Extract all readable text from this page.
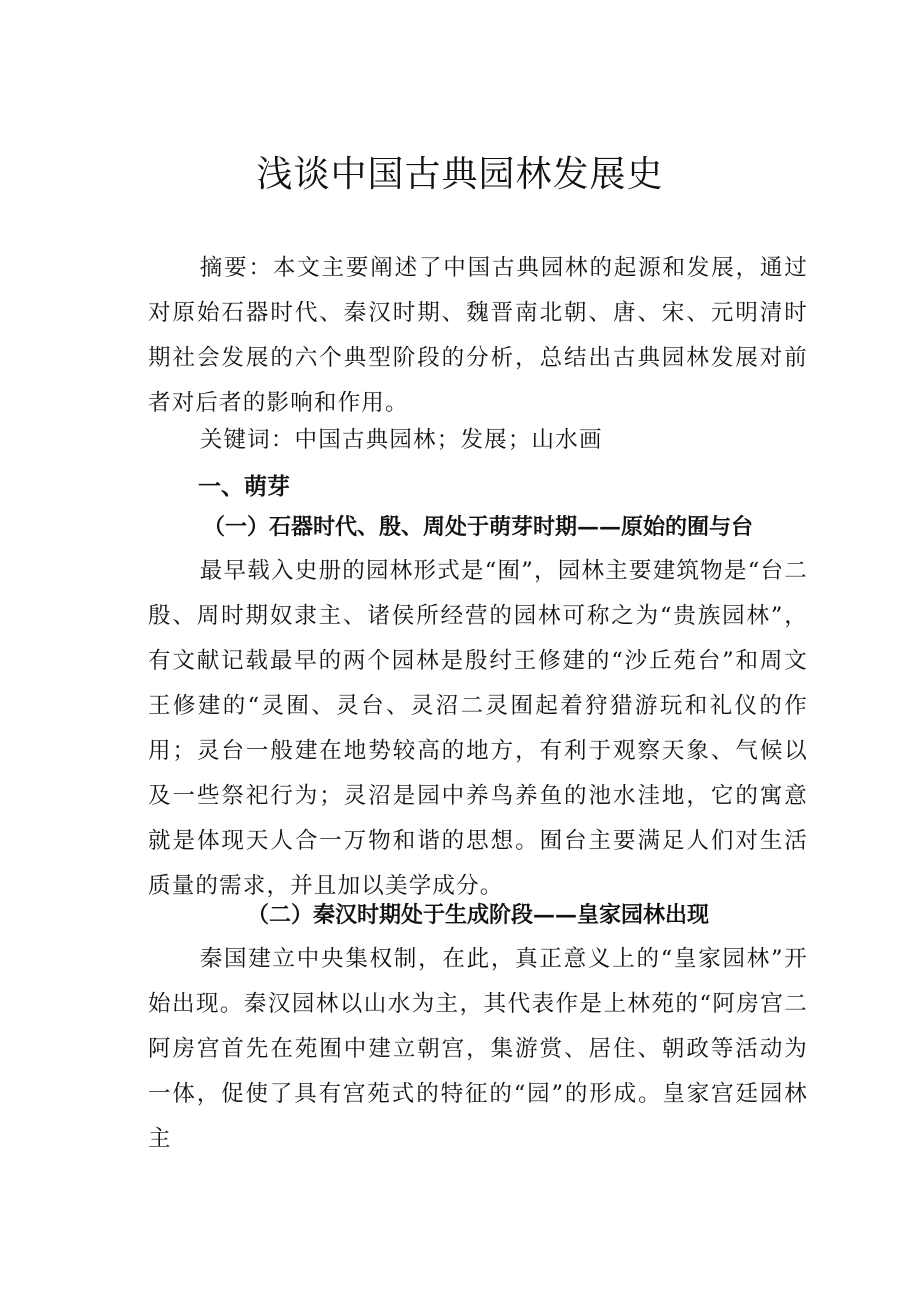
浅谈中国古典园林发展史

摘要：本文主要阐述了中国古典园林的起源和发展，通过对原始石器时代、秦汉时期、魏晋南北朝、唐、宋、元明清时期社会发展的六个典型阶段的分析，总结出古典园林发展对前者对后者的影响和作用。

关键词：中国古典园林；发展；山水画

一、萌芽
（一）石器时代、殷、周处于萌芽时期——原始的囿与台

最早载入史册的园林形式是“囿”，园林主要建筑物是“台二殷、周时期奴隶主、诸侯所经营的园林可称之为“贵族园林”，有文献记载最早的两个园林是殷纣王修建的“沙丘苑台”和周文王修建的“灵囿、灵台、灵沼二灵囿起着狩猎游玩和礼仪的作用；灵台一般建在地势较高的地方，有利于观察天象、气候以及一些祭祀行为；灵沼是园中养鸟养鱼的池水洼地，它的寓意就是体现天人合一万物和谐的思想。囿台主要满足人们对生活质量的需求，并且加以美学成分。

（二）秦汉时期处于生成阶段——皇家园林出现

秦国建立中央集权制，在此，真正意义上的“皇家园林”开始出现。秦汉园林以山水为主，其代表作是上林苑的“阿房宫二阿房宫首先在苑囿中建立朝宫，集游赏、居住、朝政等活动为一体，促使了具有宫苑式的特征的“园”的形成。皇家宫廷园林主
